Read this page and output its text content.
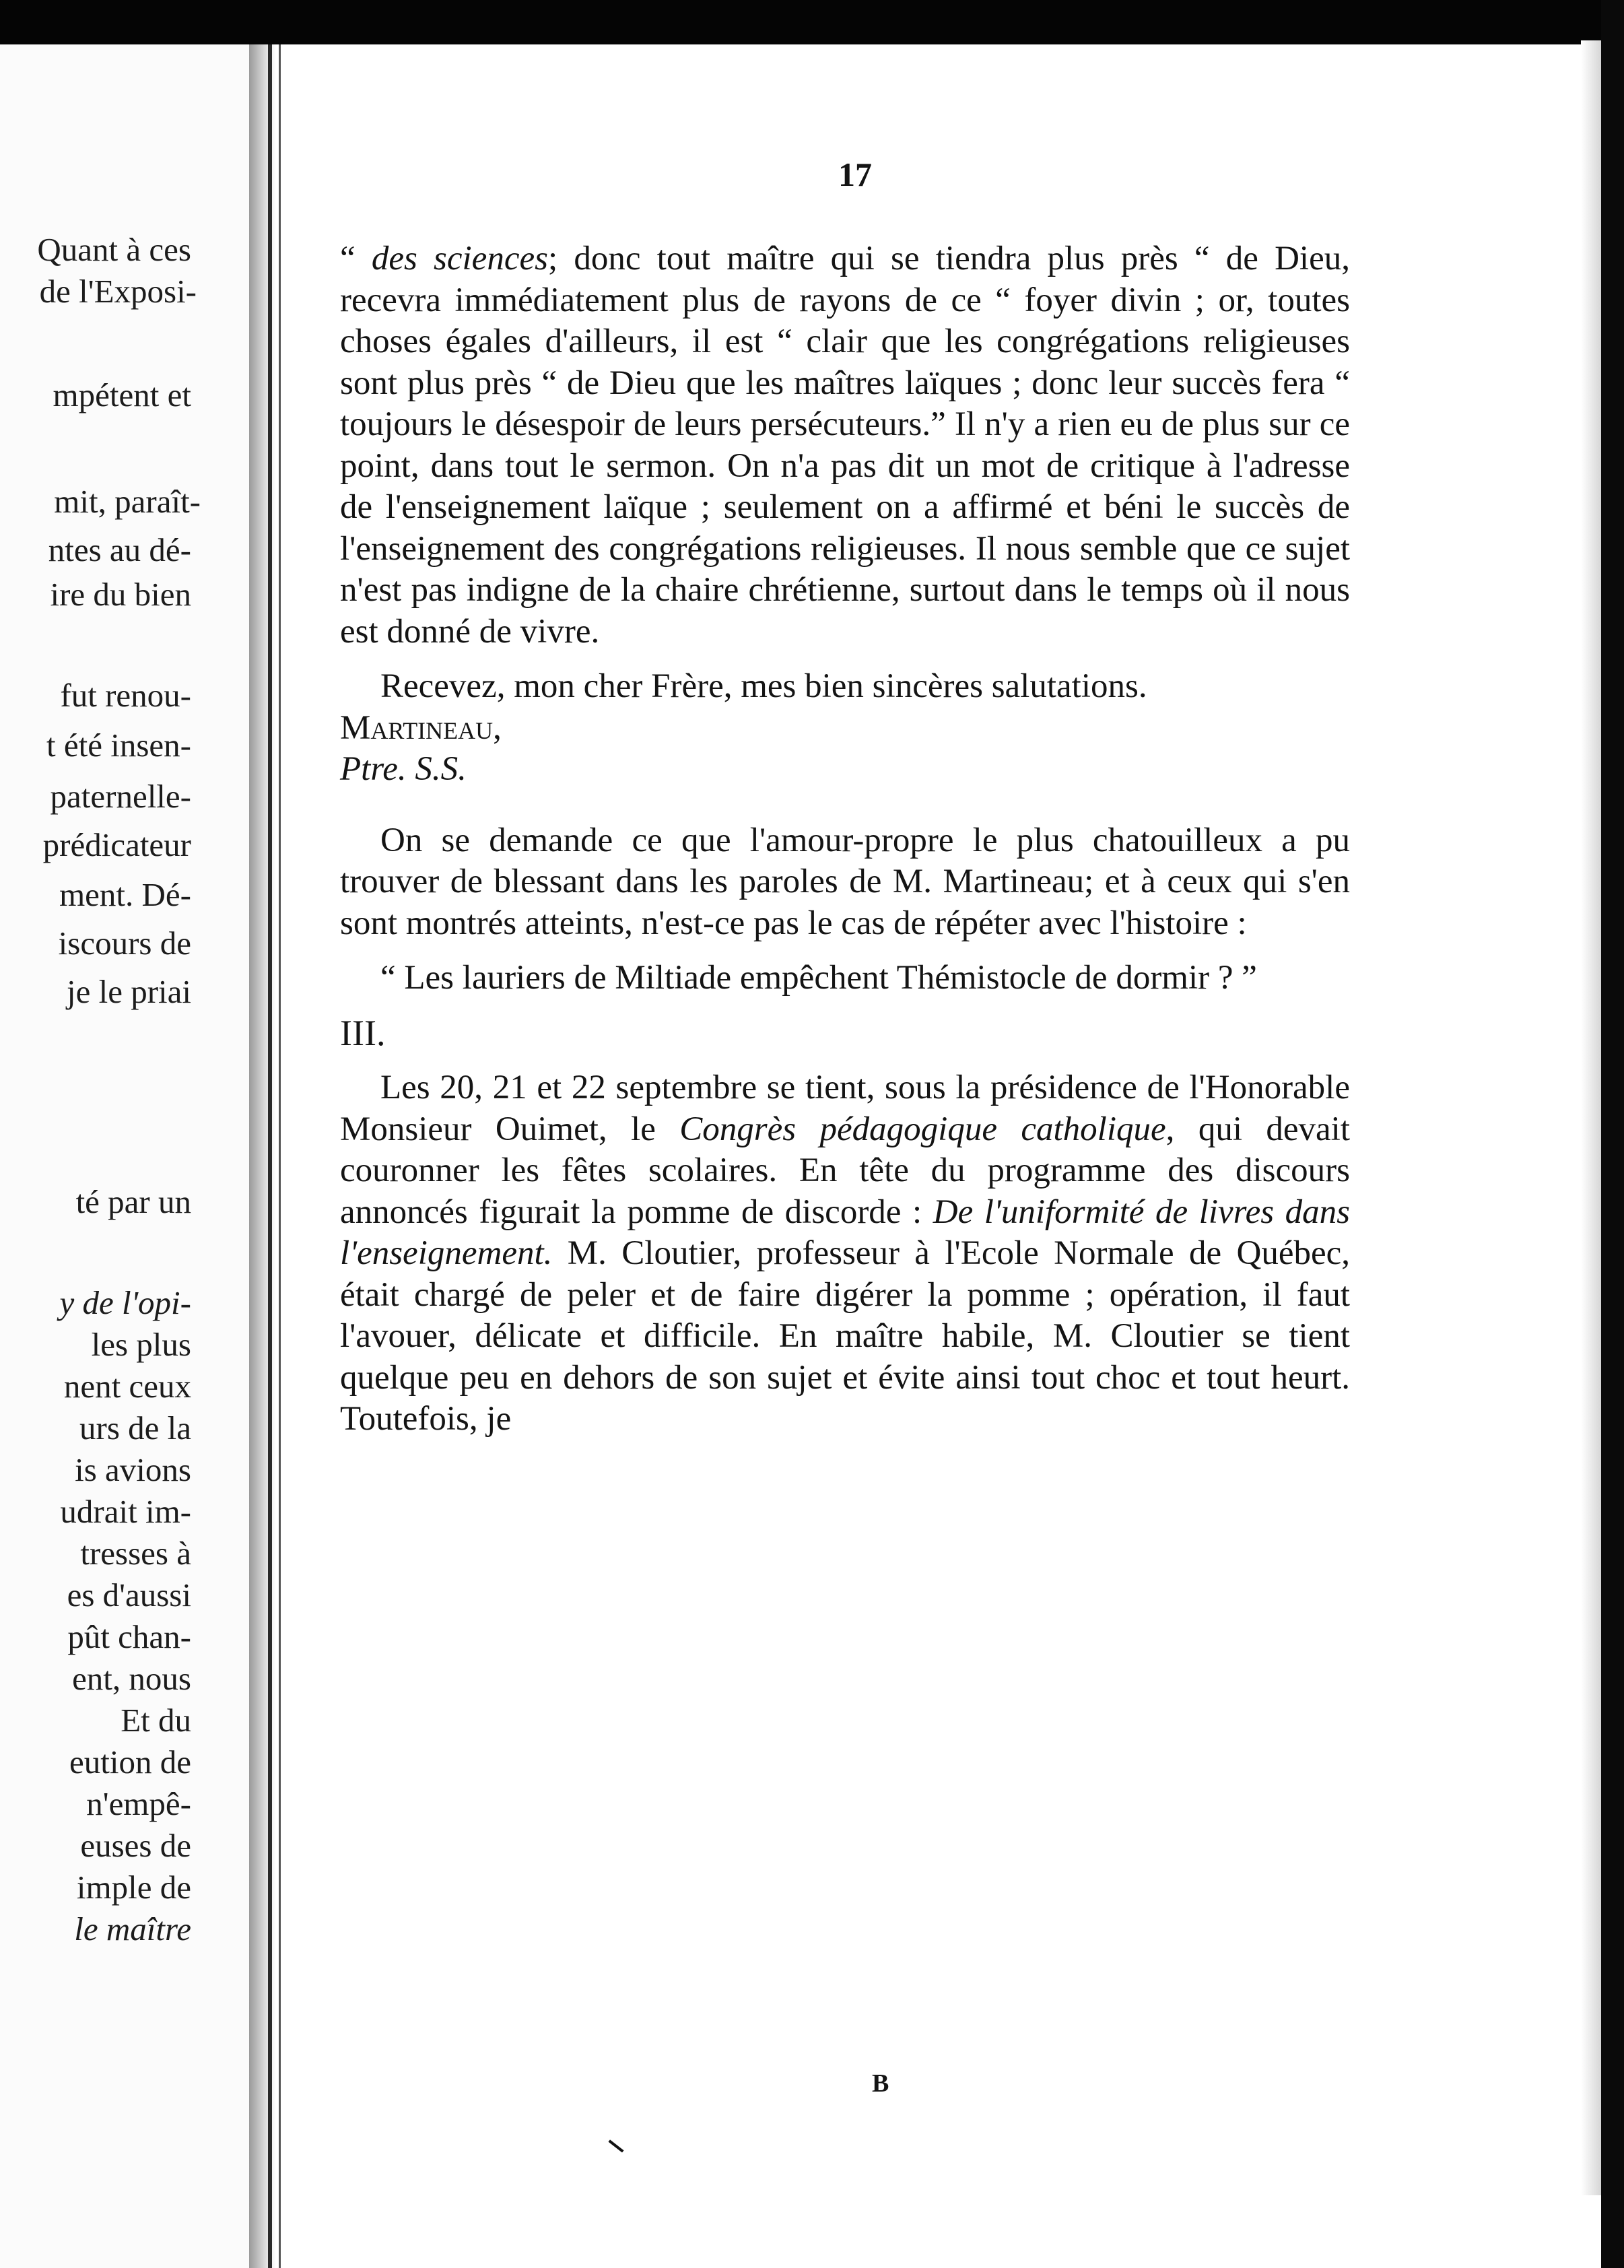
Quant à ces
de l'Exposi-
mpétent et
mit, paraît-
ntes au dé-
ire du bien
fut renou-
t été insen-
paternelle-
prédicateur
ment. Dé-
iscours de
je le priai
té par un
y de l'opi-
les plus
nent ceux
urs de la
is avions
udrait im-
tresses à
es d'aussi
pût chan-
ent, nous
Et du
eution de
n'empê-
euses de
imple de
le maître
17

“ des sciences; donc tout maître qui se tiendra plus près “ de Dieu, recevra immédiatement plus de rayons de ce “ foyer divin ; or, toutes choses égales d'ailleurs, il est “ clair que les congrégations religieuses sont plus près “ de Dieu que les maîtres laïques ; donc leur succès fera “ toujours le désespoir de leurs persécuteurs.” Il n'y a rien eu de plus sur ce point, dans tout le sermon. On n'a pas dit un mot de critique à l'adresse de l'enseignement laïque ; seulement on a affirmé et béni le succès de l'enseignement des congrégations religieuses. Il nous semble que ce sujet n'est pas indigne de la chaire chrétienne, surtout dans le temps où il nous est donné de vivre.

Recevez, mon cher Frère, mes bien sincères salutations.

Martineau,

Ptre. S.S.

On se demande ce que l'amour-propre le plus chatouilleux a pu trouver de blessant dans les paroles de M. Martineau; et à ceux qui s'en sont montrés atteints, n'est-ce pas le cas de répéter avec l'histoire :

“ Les lauriers de Miltiade empêchent Thémistocle de dormir ? ”

III.

Les 20, 21 et 22 septembre se tient, sous la présidence de l'Honorable Monsieur Ouimet, le Congrès pédagogique catholique, qui devait couronner les fêtes scolaires. En tête du programme des discours annoncés figurait la pomme de discorde : De l'uniformité de livres dans l'enseignement. M. Cloutier, professeur à l'Ecole Normale de Québec, était chargé de peler et de faire digérer la pomme ; opération, il faut l'avouer, délicate et difficile. En maître habile, M. Cloutier se tient quelque peu en dehors de son sujet et évite ainsi tout choc et tout heurt. Toutefois, je

B
